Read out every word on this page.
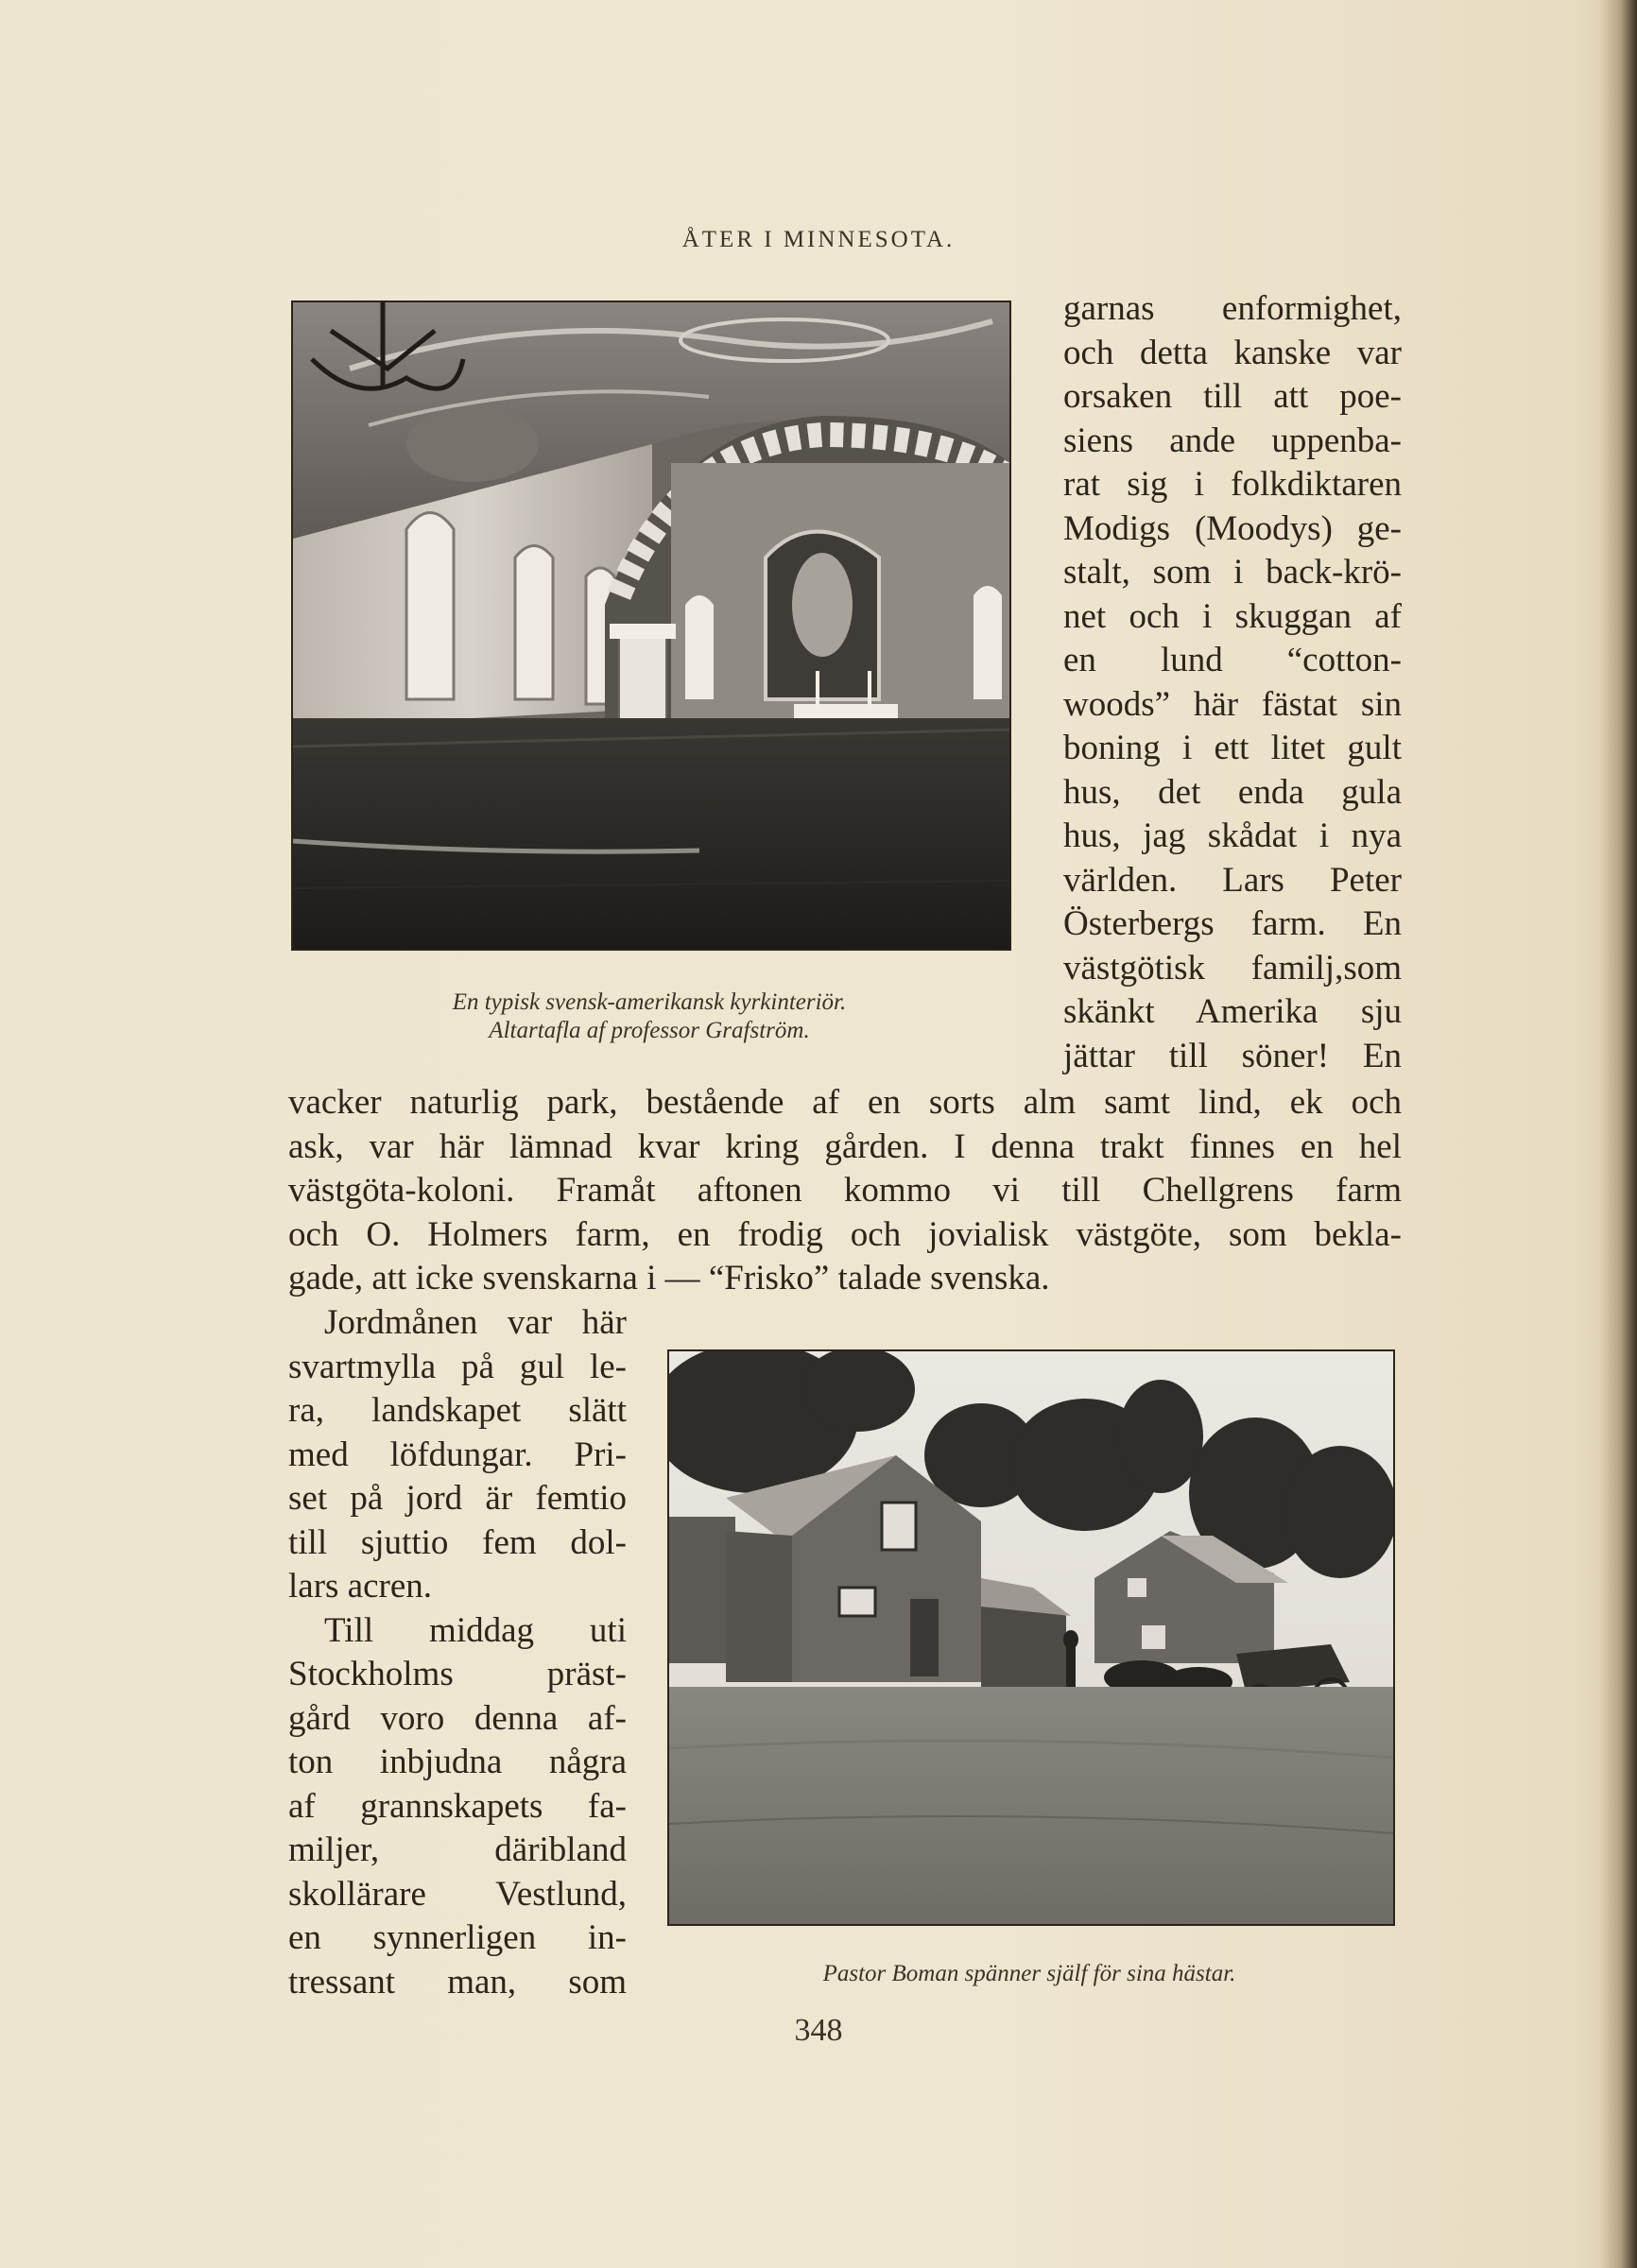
ÅTER I MINNESOTA.
En typisk svensk-amerikansk kyrkinteriör.
Altartafla af professor Grafström.

garnas enformighet,

och detta kanske var

orsaken till att poe-

siens ande uppenba-

rat sig i folkdiktaren

Modigs (Moodys) ge-

stalt, som i back-krö-

net och i skuggan af

en lund “cotton-

woods” här fästat sin

boning i ett litet gult

hus, det enda gula

hus, jag skådat i nya

världen. Lars Peter

Österbergs farm. En

västgötisk familj,som

skänkt Amerika sju

jättar till söner! En

vacker naturlig park, bestående af en sorts alm samt lind, ek och

ask, var här lämnad kvar kring gården. I denna trakt finnes en hel

västgöta-koloni. Framåt aftonen kommo vi till Chellgrens farm

och O. Holmers farm, en frodig och jovialisk västgöte, som bekla-

gade, att icke svenskarna i — “Frisko” talade svenska.

Jordmånen var här

svartmylla på gul le-

ra, landskapet slätt

med löfdungar. Pri-

set på jord är femtio

till sjuttio fem dol-

lars acren.

Till middag uti

Stockholms präst-

gård voro denna af-

ton inbjudna några

af grannskapets fa-

miljer, däribland

skollärare Vestlund,

en synnerligen in-

tressant man, som	Pastor Boman spänner själf för sina hästar.
348
